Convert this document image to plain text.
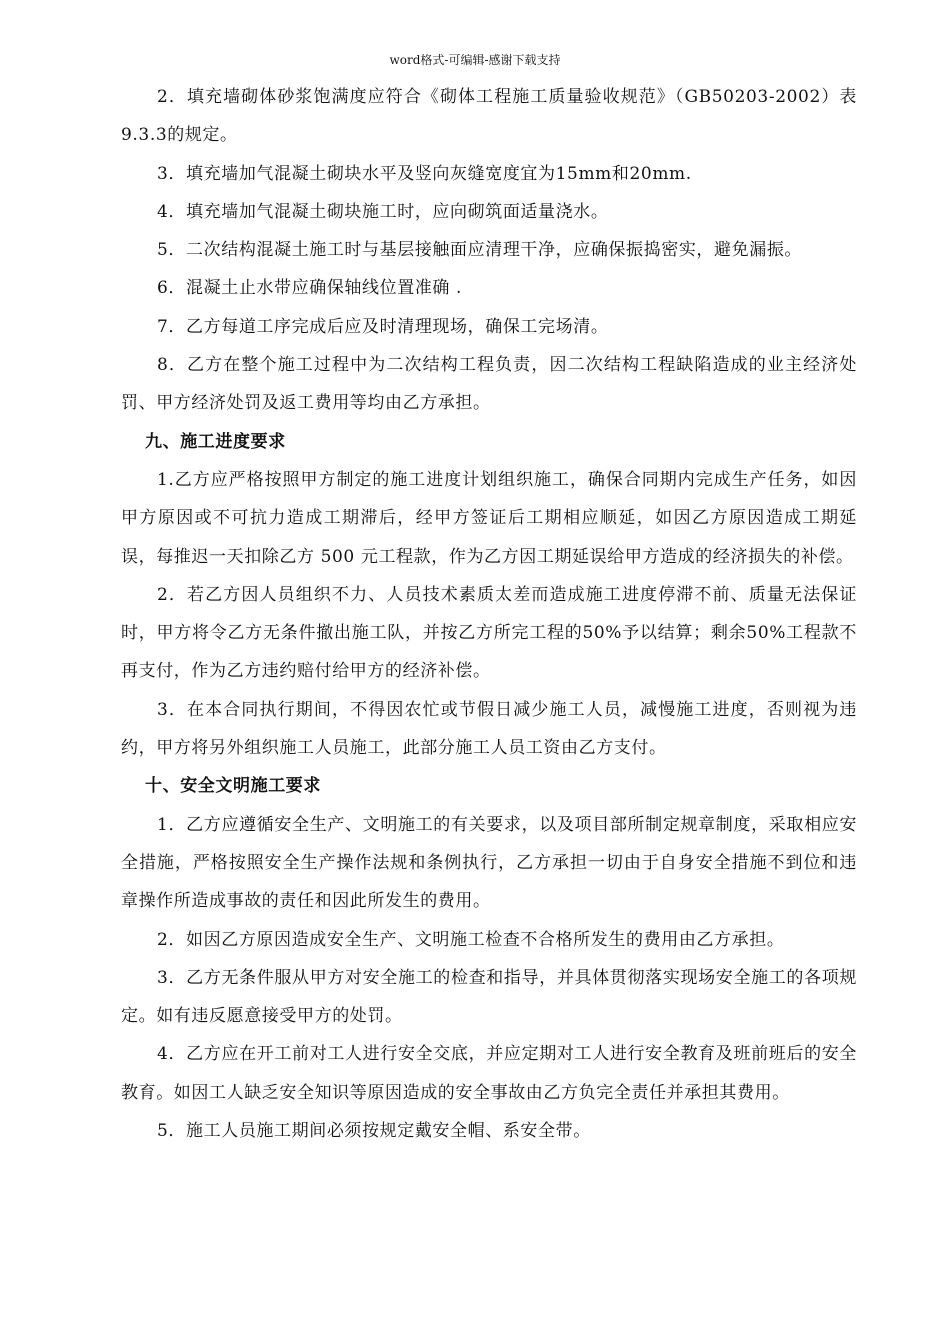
word格式-可编辑-感谢下载支持

2．填充墙砌体砂浆饱满度应符合《砌体工程施工质量验收规范》（GB50203-2002）表9.3.3的规定。

3．填充墙加气混凝土砌块水平及竖向灰缝宽度宜为15mm和20mm.

4．填充墙加气混凝土砌块施工时，应向砌筑面适量浇水。

5．二次结构混凝土施工时与基层接触面应清理干净，应确保振捣密实，避免漏振。

6．混凝土止水带应确保轴线位置准确 .

7．乙方每道工序完成后应及时清理现场，确保工完场清。

8．乙方在整个施工过程中为二次结构工程负责，因二次结构工程缺陷造成的业主经济处罚、甲方经济处罚及返工费用等均由乙方承担。

九、施工进度要求

1.乙方应严格按照甲方制定的施工进度计划组织施工，确保合同期内完成生产任务，如因甲方原因或不可抗力造成工期滞后，经甲方签证后工期相应顺延，如因乙方原因造成工期延误，每推迟一天扣除乙方 500 元工程款，作为乙方因工期延误给甲方造成的经济损失的补偿。

2．若乙方因人员组织不力、人员技术素质太差而造成施工进度停滞不前、质量无法保证时，甲方将令乙方无条件撤出施工队，并按乙方所完工程的50%予以结算；剩余50%工程款不再支付，作为乙方违约赔付给甲方的经济补偿。

3．在本合同执行期间，不得因农忙或节假日减少施工人员，减慢施工进度，否则视为违约，甲方将另外组织施工人员施工，此部分施工人员工资由乙方支付。

十、安全文明施工要求

1．乙方应遵循安全生产、文明施工的有关要求，以及项目部所制定规章制度，采取相应安全措施，严格按照安全生产操作法规和条例执行，乙方承担一切由于自身安全措施不到位和违章操作所造成事故的责任和因此所发生的费用。

2．如因乙方原因造成安全生产、文明施工检查不合格所发生的费用由乙方承担。

3．乙方无条件服从甲方对安全施工的检查和指导，并具体贯彻落实现场安全施工的各项规定。如有违反愿意接受甲方的处罚。

4．乙方应在开工前对工人进行安全交底，并应定期对工人进行安全教育及班前班后的安全教育。如因工人缺乏安全知识等原因造成的安全事故由乙方负完全责任并承担其费用。

5．施工人员施工期间必须按规定戴安全帽、系安全带。
